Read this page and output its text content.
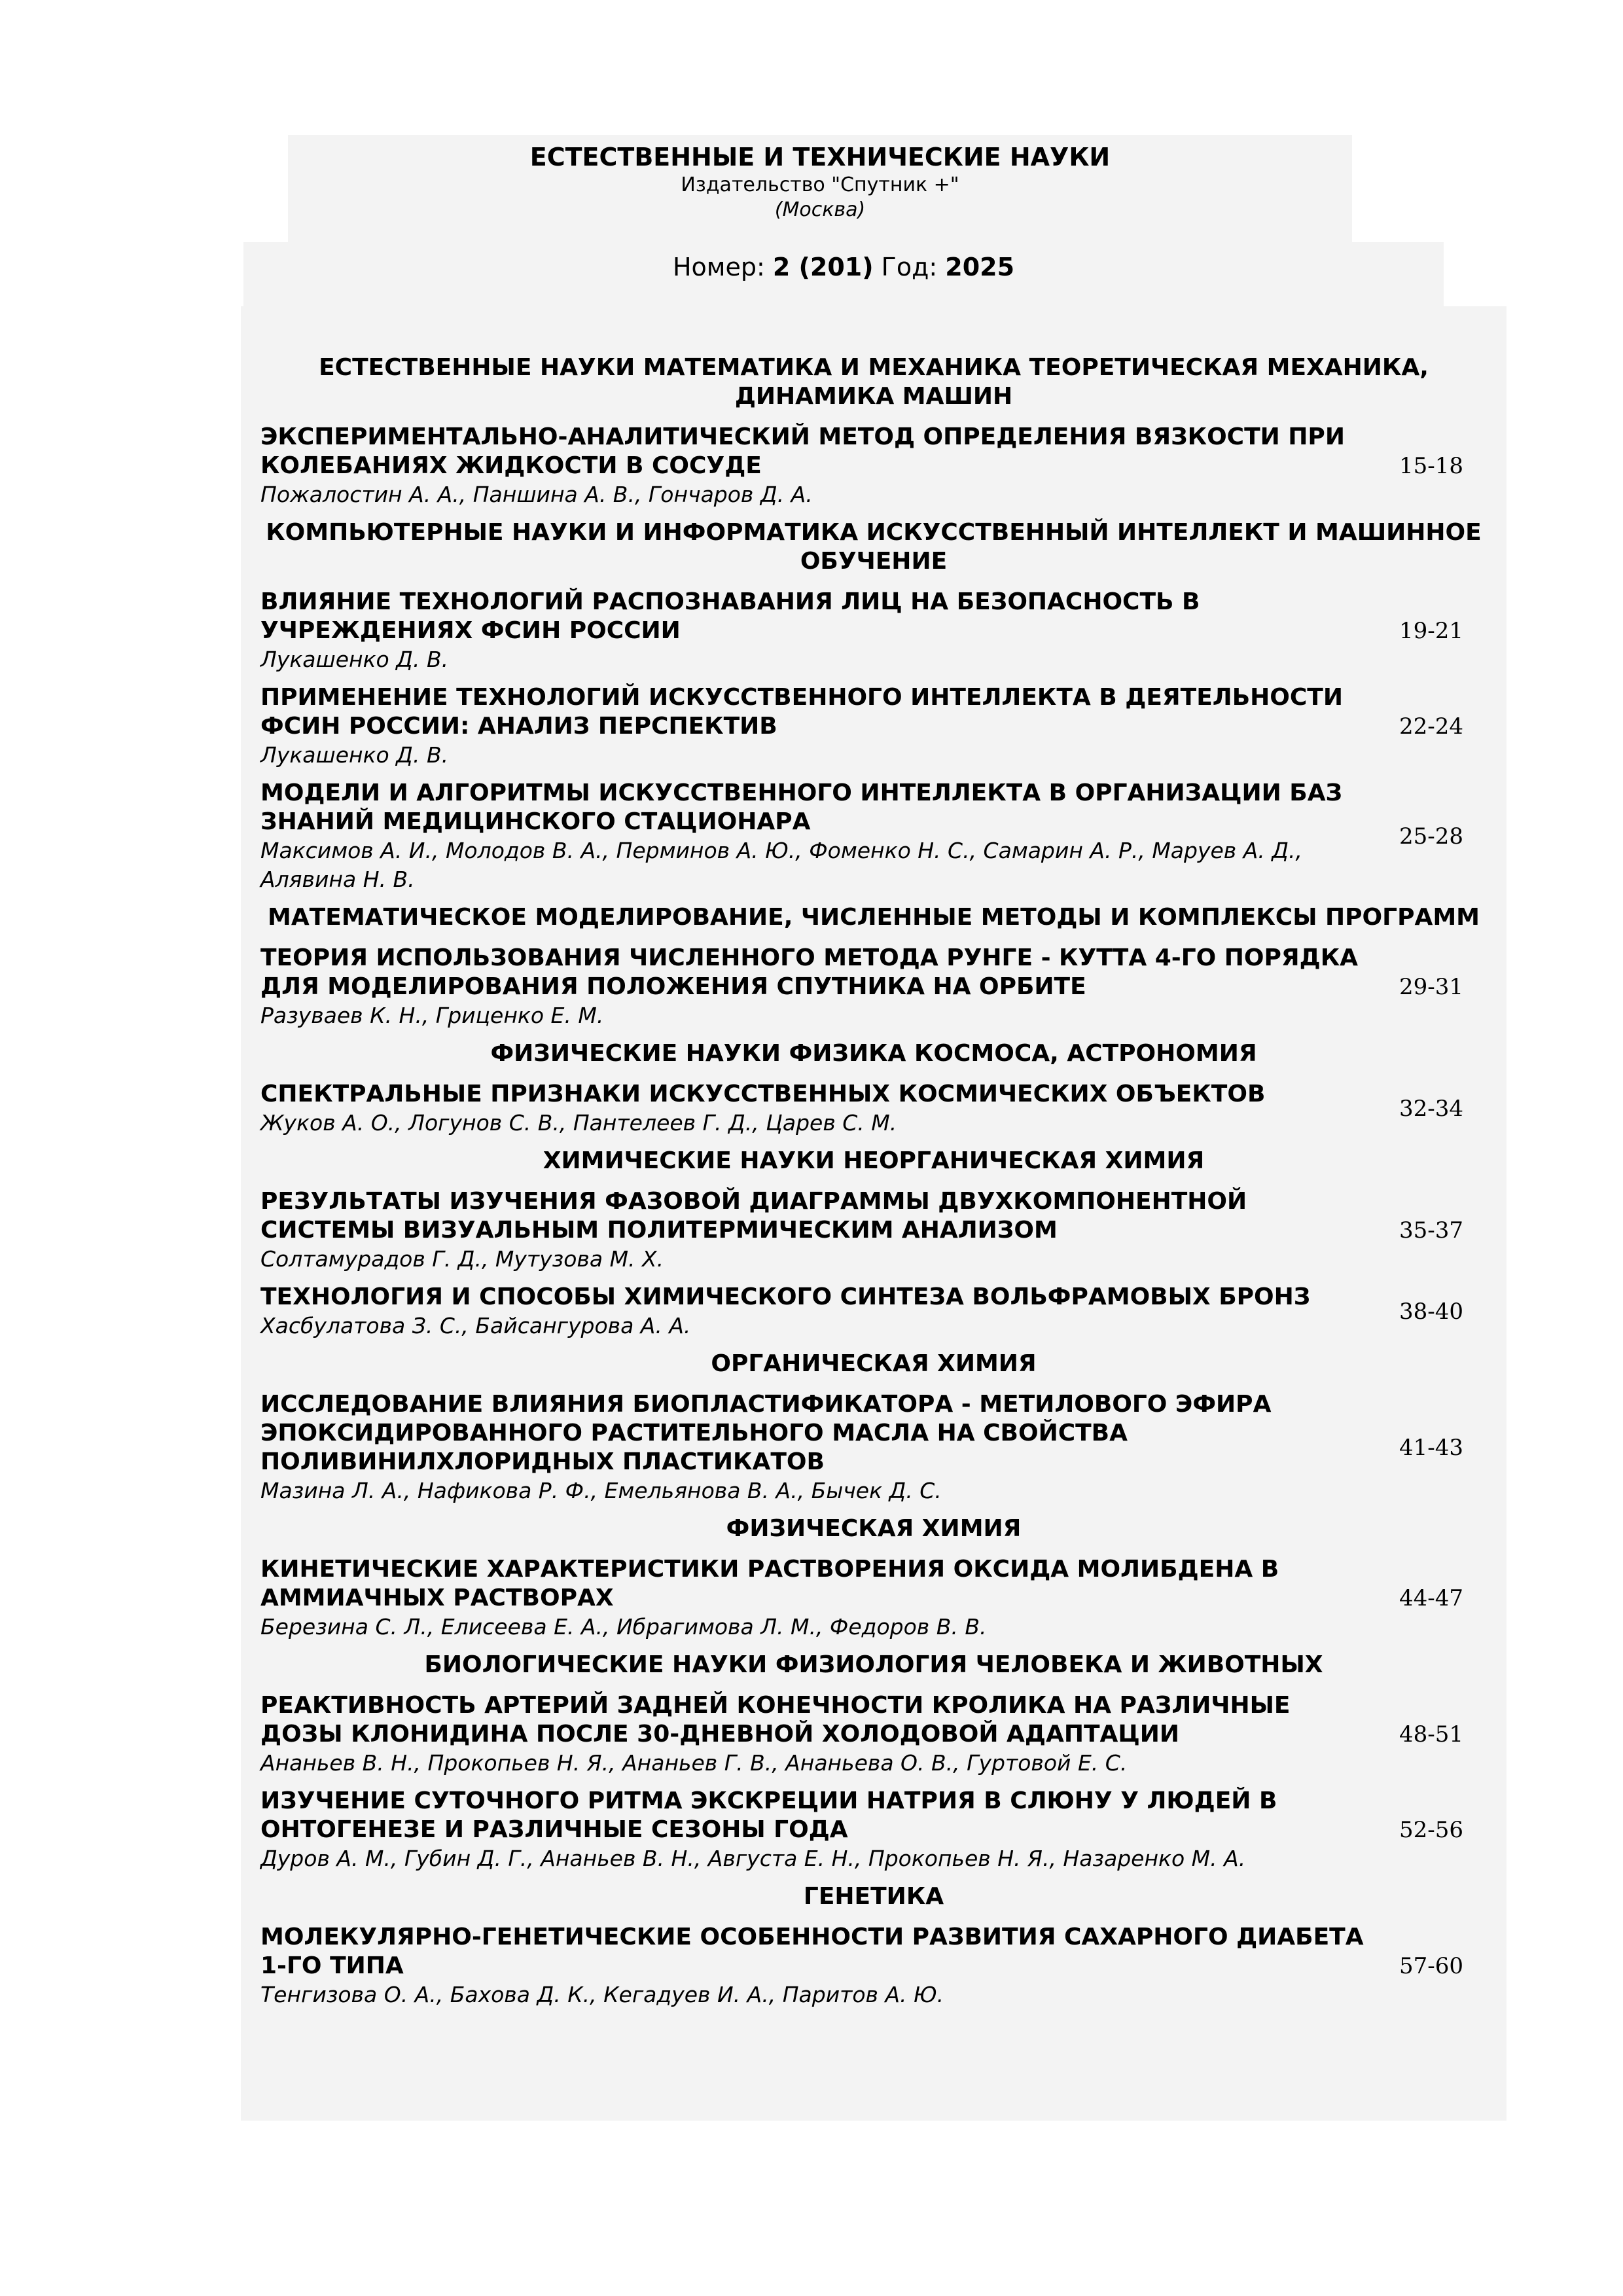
ЕСТЕСТВЕННЫЕ И ТЕХНИЧЕСКИЕ НАУКИ
Издательство "Спутник +"
(Москва)
Номер: 2 (201) Год: 2025
ЕСТЕСТВЕННЫЕ НАУКИ МАТЕМАТИКА И МЕХАНИКА ТЕОРЕТИЧЕСКАЯ МЕХАНИКА, ДИНАМИКА МАШИН
ЭКСПЕРИМЕНТАЛЬНО-АНАЛИТИЧЕСКИЙ МЕТОД ОПРЕДЕЛЕНИЯ ВЯЗКОСТИ ПРИ КОЛЕБАНИЯХ ЖИДКОСТИ В СОСУДЕ
Пожалостин А. А., Паншина А. В., Гончаров Д. А.
15-18
КОМПЬЮТЕРНЫЕ НАУКИ И ИНФОРМАТИКА ИСКУССТВЕННЫЙ ИНТЕЛЛЕКТ И МАШИННОЕ ОБУЧЕНИЕ
ВЛИЯНИЕ ТЕХНОЛОГИЙ РАСПОЗНАВАНИЯ ЛИЦ НА БЕЗОПАСНОСТЬ В УЧРЕЖДЕНИЯХ ФСИН РОССИИ
Лукашенко Д. В.
19-21
ПРИМЕНЕНИЕ ТЕХНОЛОГИЙ ИСКУССТВЕННОГО ИНТЕЛЛЕКТА В ДЕЯТЕЛЬНОСТИ ФСИН РОССИИ: АНАЛИЗ ПЕРСПЕКТИВ
Лукашенко Д. В.
22-24
МОДЕЛИ И АЛГОРИТМЫ ИСКУССТВЕННОГО ИНТЕЛЛЕКТА В ОРГАНИЗАЦИИ БАЗ ЗНАНИЙ МЕДИЦИНСКОГО СТАЦИОНАРА
Максимов А. И., Молодов В. А., Перминов А. Ю., Фоменко Н. С., Самарин А. Р., Маруев А. Д., Алявина Н. В.
25-28
МАТЕМАТИЧЕСКОЕ МОДЕЛИРОВАНИЕ, ЧИСЛЕННЫЕ МЕТОДЫ И КОМПЛЕКСЫ ПРОГРАММ
ТЕОРИЯ ИСПОЛЬЗОВАНИЯ ЧИСЛЕННОГО МЕТОДА РУНГЕ - КУТТА 4-ГО ПОРЯДКА ДЛЯ МОДЕЛИРОВАНИЯ ПОЛОЖЕНИЯ СПУТНИКА НА ОРБИТЕ
Разуваев К. Н., Гриценко Е. М.
29-31
ФИЗИЧЕСКИЕ НАУКИ ФИЗИКА КОСМОСА, АСТРОНОМИЯ
СПЕКТРАЛЬНЫЕ ПРИЗНАКИ ИСКУССТВЕННЫХ КОСМИЧЕСКИХ ОБЪЕКТОВ
Жуков А. О., Логунов С. В., Пантелеев Г. Д., Царев С. М.
32-34
ХИМИЧЕСКИЕ НАУКИ НЕОРГАНИЧЕСКАЯ ХИМИЯ
РЕЗУЛЬТАТЫ ИЗУЧЕНИЯ ФАЗОВОЙ ДИАГРАММЫ ДВУХКОМПОНЕНТНОЙ СИСТЕМЫ ВИЗУАЛЬНЫМ ПОЛИТЕРМИЧЕСКИМ АНАЛИЗОМ
Солтамурадов Г. Д., Мутузова М. Х.
35-37
ТЕХНОЛОГИЯ И СПОСОБЫ ХИМИЧЕСКОГО СИНТЕЗА ВОЛЬФРАМОВЫХ БРОНЗ
Хасбулатова З. С., Байсангурова А. А.
38-40
ОРГАНИЧЕСКАЯ ХИМИЯ
ИССЛЕДОВАНИЕ ВЛИЯНИЯ БИОПЛАСТИФИКАТОРА - МЕТИЛОВОГО ЭФИРА ЭПОКСИДИРОВАННОГО РАСТИТЕЛЬНОГО МАСЛА НА СВОЙСТВА ПОЛИВИНИЛХЛОРИДНЫХ ПЛАСТИКАТОВ
Мазина Л. А., Нафикова Р. Ф., Емельянова В. А., Бычек Д. С.
41-43
ФИЗИЧЕСКАЯ ХИМИЯ
КИНЕТИЧЕСКИЕ ХАРАКТЕРИСТИКИ РАСТВОРЕНИЯ ОКСИДА МОЛИБДЕНА В АММИАЧНЫХ РАСТВОРАХ
Березина С. Л., Елисеева Е. А., Ибрагимова Л. М., Федоров В. В.
44-47
БИОЛОГИЧЕСКИЕ НАУКИ ФИЗИОЛОГИЯ ЧЕЛОВЕКА И ЖИВОТНЫХ
РЕАКТИВНОСТЬ АРТЕРИЙ ЗАДНЕЙ КОНЕЧНОСТИ КРОЛИКА НА РАЗЛИЧНЫЕ ДОЗЫ КЛОНИДИНА ПОСЛЕ 30-ДНЕВНОЙ ХОЛОДОВОЙ АДАПТАЦИИ
Ананьев В. Н., Прокопьев Н. Я., Ананьев Г. В., Ананьева О. В., Гуртовой Е. С.
48-51
ИЗУЧЕНИЕ СУТОЧНОГО РИТМА ЭКСКРЕЦИИ НАТРИЯ В СЛЮНУ У ЛЮДЕЙ В ОНТОГЕНЕЗЕ И РАЗЛИЧНЫЕ СЕЗОНЫ ГОДА
Дуров А. М., Губин Д. Г., Ананьев В. Н., Августа Е. Н., Прокопьев Н. Я., Назаренко М. А.
52-56
ГЕНЕТИКА
МОЛЕКУЛЯРНО-ГЕНЕТИЧЕСКИЕ ОСОБЕННОСТИ РАЗВИТИЯ САХАРНОГО ДИАБЕТА 1-ГО ТИПА
Тенгизова О. А., Бахова Д. К., Кегадуев И. А., Паритов А. Ю.
57-60
